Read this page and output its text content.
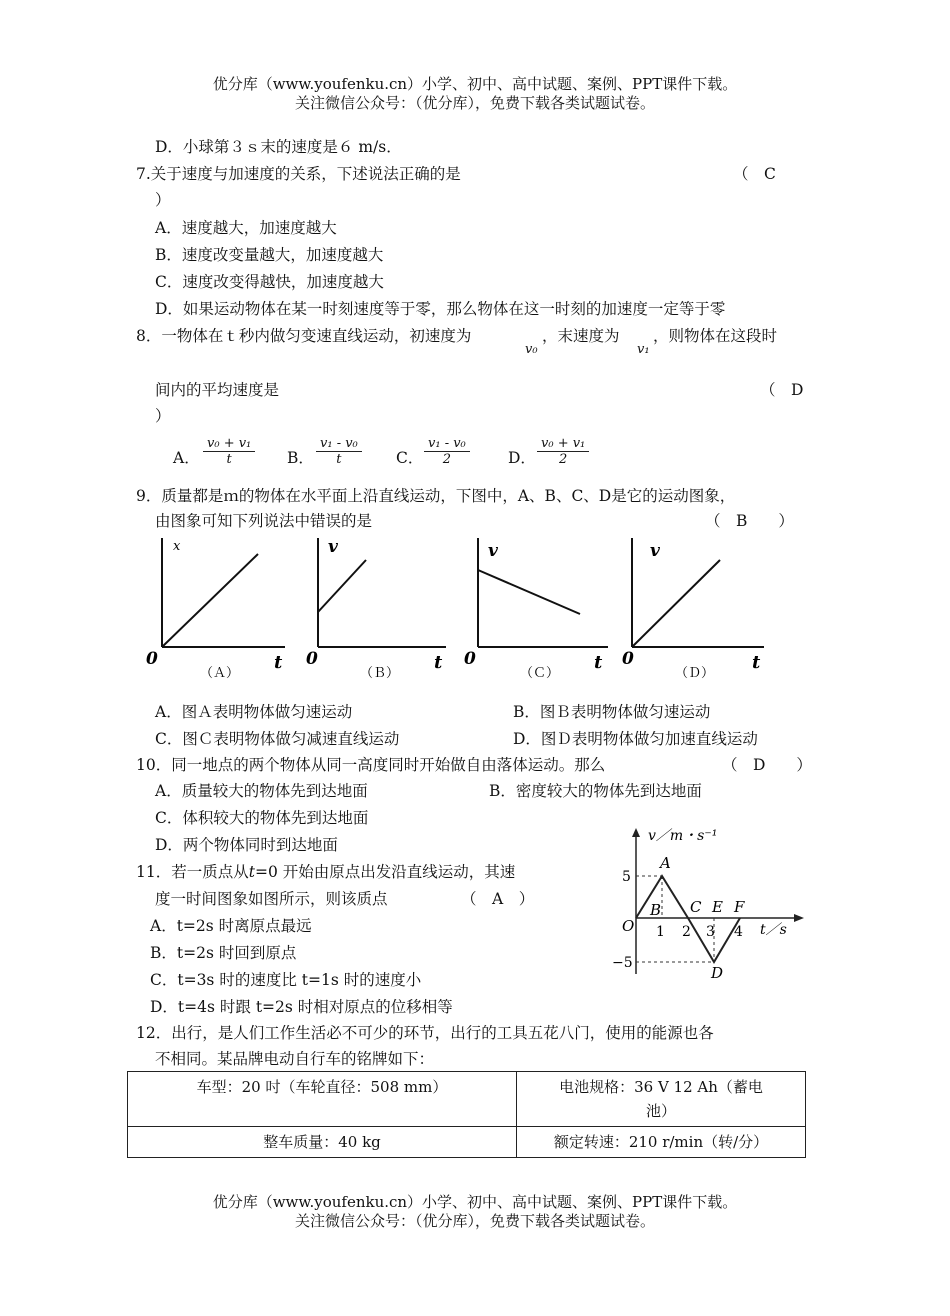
优分库（www.youfenku.cn）小学、初中、高中试题、案例、PPT课件下载。
关注微信公众号：（优分库），免费下载各类试题试卷。
D．小球第３ｓ末的速度是６ m/s．
7.关于速度与加速度的关系，下述说法正确的是	（　C
）
A．速度越大，加速度越大
B．速度改变量越大，加速度越大
C．速度改变得越快，加速度越大
D．如果运动物体在某一时刻速度等于零，那么物体在这一时刻的加速度一定等于零
8．一物体在ｔ秒内做匀变速直线运动，初速度为
v₀
，末速度为
v₁
，则物体在这段时
间内的平均速度是	（　D
）
A． $\frac{\text{v₀ + v₁}}{t}$ B． $\frac{\text{v₁ - v₀}}{t}$ C． $\frac{\text{v₁ - v₀}}{2}$ D． $\frac{\text{v₀ + v₁}}{2}$
9．质量都是ｍ的物体在水平面上沿直线运动，下图中，A、B、C、D是它的运动图象，
由图象可知下列说法中错误的是	（　B　　）
x
0	t
（Ａ）
v
0	t
（Ｂ）
v
0	t
（Ｃ）
v
0	t
（Ｄ）
A．图Ａ表明物体做匀速运动	B．图Ｂ表明物体做匀速运动
C．图Ｃ表明物体做匀减速直线运动	D．图Ｄ表明物体做匀加速直线运动
10．同一地点的两个物体从同一高度同时开始做自由落体运动。那么	（　D　　）
A．质量较大的物体先到达地面	B．密度较大的物体先到达地面
C．体积较大的物体先到达地面
D．两个物体同时到达地面
11．若一质点从t=0 开始由原点出发沿直线运动，其速
度一时间图象如图所示，则该质点	（　A　）
A．t=2s 时离原点最远
B．t=2s 时回到原点
C．t=3s 时的速度比 t=1s 时的速度小
D．t=4s 时跟 t=2s 时相对原点的位移相等
v／m・s⁻¹
t／s
O
5
−5
1 2 3 4
A
B C
D
E F
12．出行，是人们工作生活必不可少的环节，出行的工具五花八门，使用的能源也各
不相同。某品牌电动自行车的铭牌如下：
车型：20 吋（车轮直径：508 mm）	电池规格：36 V 12 Ah（蓄电
池）
整车质量：40 kg	额定转速：210 r/min（转/分）
优分库（www.youfenku.cn）小学、初中、高中试题、案例、PPT课件下载。
关注微信公众号：（优分库），免费下载各类试题试卷。
